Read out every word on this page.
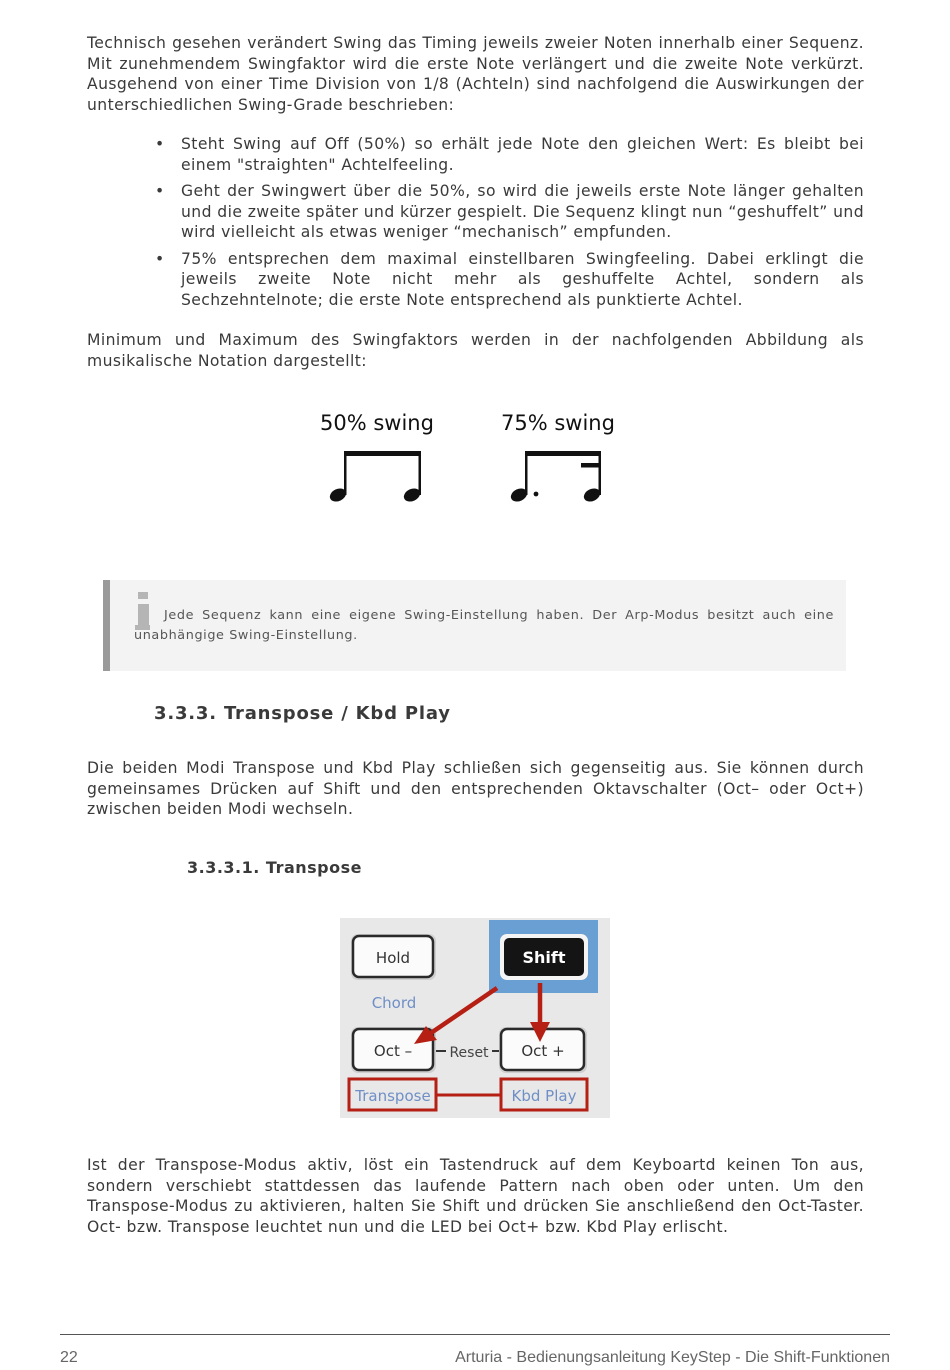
Technisch gesehen verändert Swing das Timing jeweils zweier Noten innerhalb einer Sequenz. Mit zunehmendem Swingfaktor wird die erste Note verlängert und die zweite Note verkürzt. Ausgehend von einer Time Division von 1/8 (Achteln) sind nachfolgend die Auswirkungen der unterschiedlichen Swing-Grade beschrieben:

• Steht Swing auf Off (50%) so erhält jede Note den gleichen Wert: Es bleibt bei einem "straighten" Achtelfeeling.
• Geht der Swingwert über die 50%, so wird die jeweils erste Note länger gehalten und die zweite später und kürzer gespielt. Die Sequenz klingt nun “geshuffelt” und wird vielleicht als etwas weniger “mechanisch” empfunden.
• 75% entsprechen dem maximal einstellbaren Swingfeeling. Dabei erklingt die jeweils zweite Note nicht mehr als geshuffelte Achtel, sondern als Sechzehntelnote; die erste Note entsprechend als punktierte Achtel.

Minimum und Maximum des Swingfaktors werden in der nachfolgenden Abbildung als musikalische Notation dargestellt:

50% swing	75% swing
Jede Sequenz kann eine eigene Swing-Einstellung haben. Der Arp-Modus besitzt auch eine unabhängige Swing-Einstellung.
3.3.3. Transpose / Kbd Play

Die beiden Modi Transpose und Kbd Play schließen sich gegenseitig aus. Sie können durch gemeinsames Drücken auf Shift und den entsprechenden Oktavschalter (Oct– oder Oct+) zwischen beiden Modi wechseln.

3.3.3.1. Transpose
Hold	Shift
Chord
Oct –	Reset Oct +
Transpose	Kbd Play

Ist der Transpose-Modus aktiv, löst ein Tastendruck auf dem Keyboartd keinen Ton aus, sondern verschiebt stattdessen das laufende Pattern nach oben oder unten. Um den Transpose-Modus zu aktivieren, halten Sie Shift und drücken Sie anschließend den Oct-Taster. Oct- bzw. Transpose leuchtet nun und die LED bei Oct+ bzw. Kbd Play erlischt.

22	Arturia - Bedienungsanleitung KeyStep - Die Shift-Funktionen
